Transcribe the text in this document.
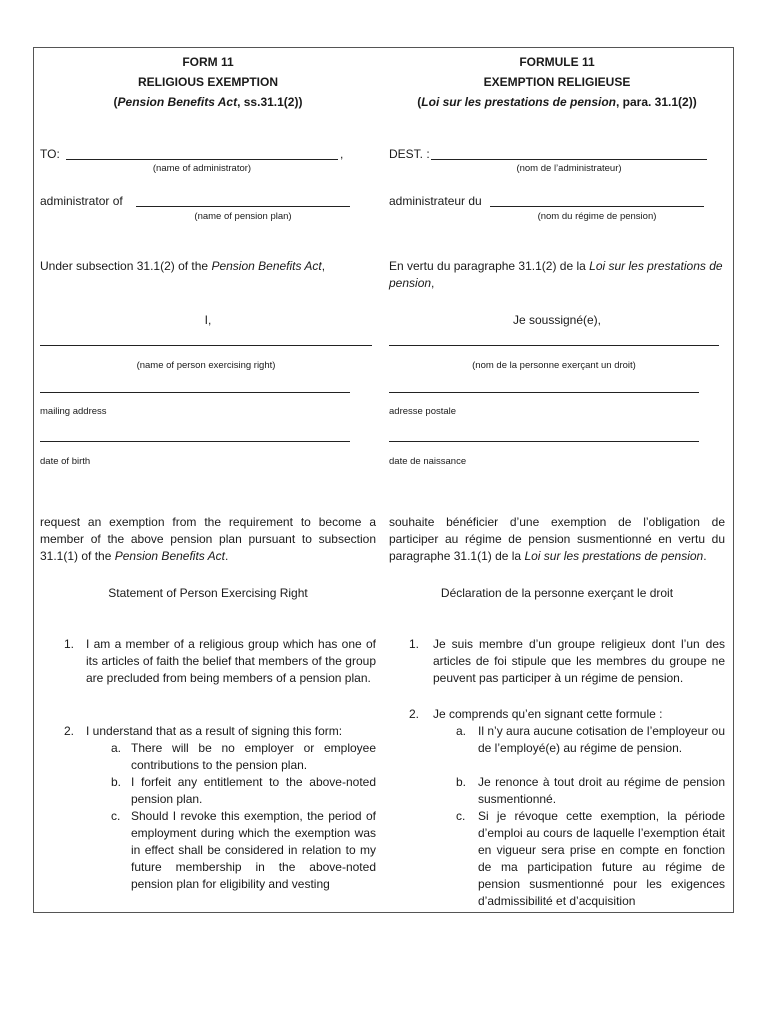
FORM 11
RELIGIOUS EXEMPTION
(Pension Benefits Act, ss.31.1(2))
TO:	,
(name of administrator)
administrator of
(name of pension plan)
Under subsection 31.1(2) of the Pension Benefits Act,
I,
(name of person exercising right)
mailing address
date of birth
request an exemption from the requirement to become a member of the above pension plan pursuant to subsection 31.1(1) of the Pension Benefits Act.
Statement of Person Exercising Right
1. I am a member of a religious group which has one of its articles of faith the belief that members of the group are precluded from being members of a pension plan.
2. I understand that as a result of signing this form:
a. There will be no employer or employee contributions to the pension plan.
b. I forfeit any entitlement to the above-noted pension plan.
c. Should I revoke this exemption, the period of employment during which the exemption was in effect shall be considered in relation to my future membership in the above-noted pension plan for eligibility and vesting
FORMULE 11
EXEMPTION RELIGIEUSE
(Loi sur les prestations de pension, para. 31.1(2))
DEST. :
(nom de l’administrateur)
administrateur du
(nom du régime de pension)
En vertu du paragraphe 31.1(2) de la Loi sur les prestations de pension,
Je soussigné(e),
(nom de la personne exerçant un droit)
adresse postale
date de naissance
souhaite bénéficier d’une exemption de l’obligation de participer au régime de pension susmentionné en vertu du paragraphe 31.1(1) de la Loi sur les prestations de pension.
Déclaration de la personne exerçant le droit
1. Je suis membre d’un groupe religieux dont l’un des articles de foi stipule que les membres du groupe ne peuvent pas participer à un régime de pension.
2. Je comprends qu’en signant cette formule :
a. Il n’y aura aucune cotisation de l’employeur ou de l’employé(e) au régime de pension.
b. Je renonce à tout droit au régime de pension susmentionné.
c. Si je révoque cette exemption, la période d’emploi au cours de laquelle l’exemption était en vigueur sera prise en compte en fonction de ma participation future au régime de pension susmentionné pour les exigences d’admissibilité et d’acquisition
